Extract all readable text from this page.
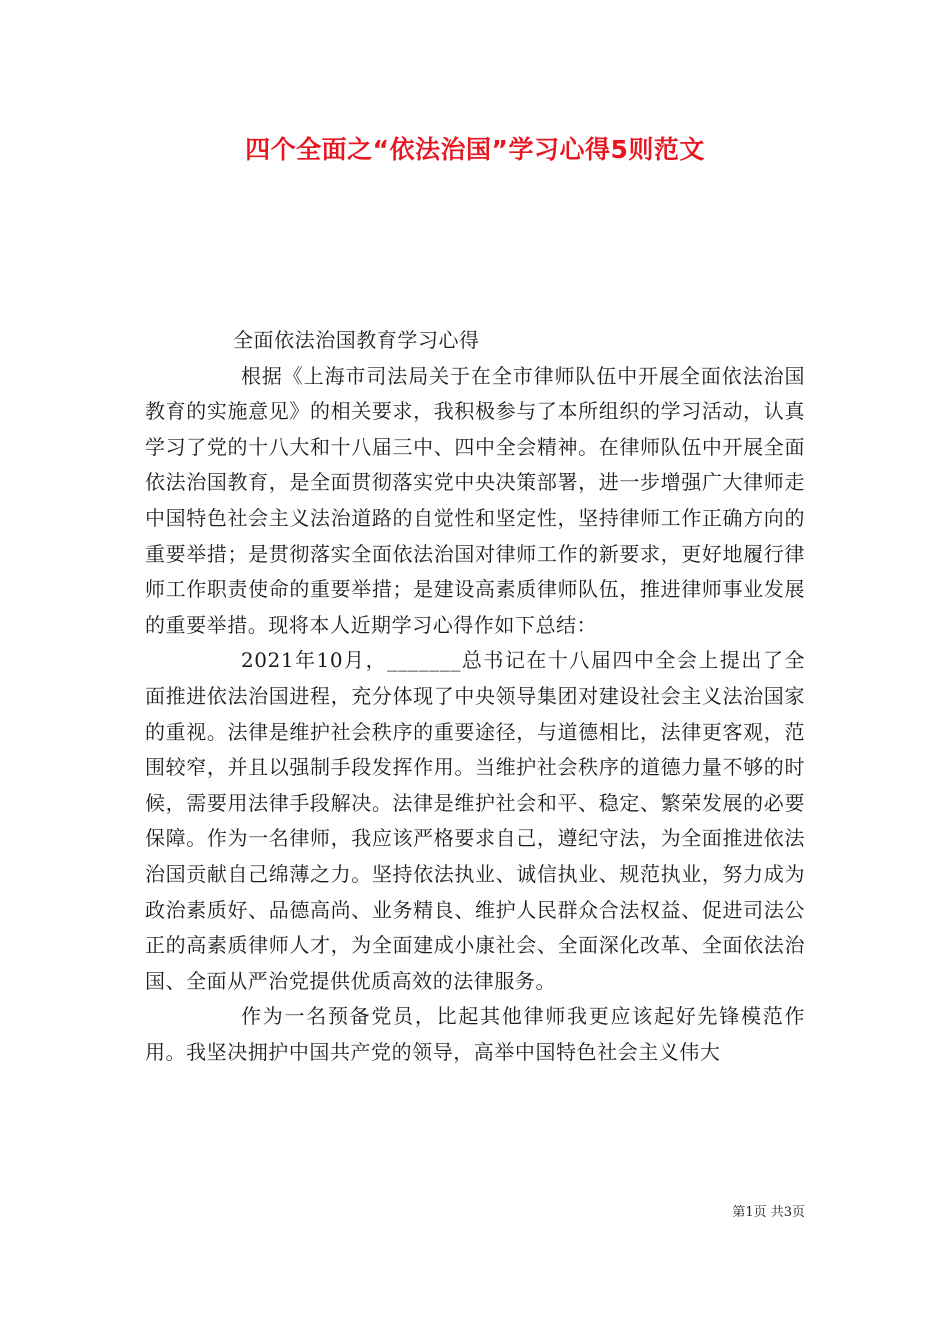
四个全面之“依法治国”学习心得5则范文

全面依法治国教育学习心得

根据《上海市司法局关于在全市律师队伍中开展全面依法治国教育的实施意见》的相关要求，我积极参与了本所组织的学习活动，认真学习了党的十八大和十八届三中、四中全会精神。在律师队伍中开展全面依法治国教育，是全面贯彻落实党中央决策部署，进一步增强广大律师走中国特色社会主义法治道路的自觉性和坚定性，坚持律师工作正确方向的重要举措；是贯彻落实全面依法治国对律师工作的新要求，更好地履行律师工作职责使命的重要举措；是建设高素质律师队伍，推进律师事业发展的重要举措。现将本人近期学习心得作如下总结：

2021年10月，_______总书记在十八届四中全会上提出了全面推进依法治国进程，充分体现了中央领导集团对建设社会主义法治国家的重视。法律是维护社会秩序的重要途径，与道德相比，法律更客观，范围较窄，并且以强制手段发挥作用。当维护社会秩序的道德力量不够的时候，需要用法律手段解决。法律是维护社会和平、稳定、繁荣发展的必要保障。作为一名律师，我应该严格要求自己，遵纪守法，为全面推进依法治国贡献自己绵薄之力。坚持依法执业、诚信执业、规范执业，努力成为政治素质好、品德高尚、业务精良、维护人民群众合法权益、促进司法公正的高素质律师人才，为全面建成小康社会、全面深化改革、全面依法治国、全面从严治党提供优质高效的法律服务。

作为一名预备党员，比起其他律师我更应该起好先锋模范作用。我坚决拥护中国共产党的领导，高举中国特色社会主义伟大

第1页 共3页
